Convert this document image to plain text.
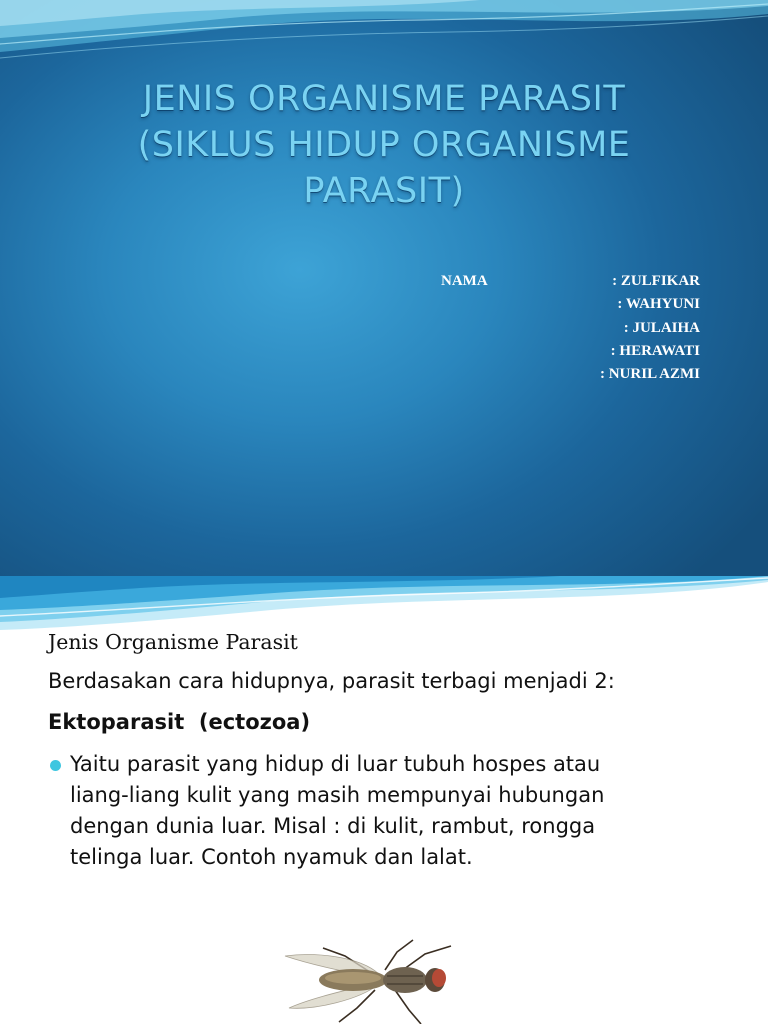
JENIS ORGANISME PARASIT
(SIKLUS HIDUP ORGANISME
PARASIT)
NAMA	: ZULFIKAR
: WAHYUNI
: JULAIHA
: HERAWATI
: NURIL AZMI
Jenis Organisme Parasit
Berdasakan cara hidupnya, parasit terbagi menjadi 2:
Ektoparasit  (ectozoa)
Yaitu parasit yang hidup di luar tubuh hospes atau
liang-liang kulit yang masih mempunyai hubungan
dengan dunia luar. Misal : di kulit, rambut, rongga
telinga luar. Contoh nyamuk dan lalat.
